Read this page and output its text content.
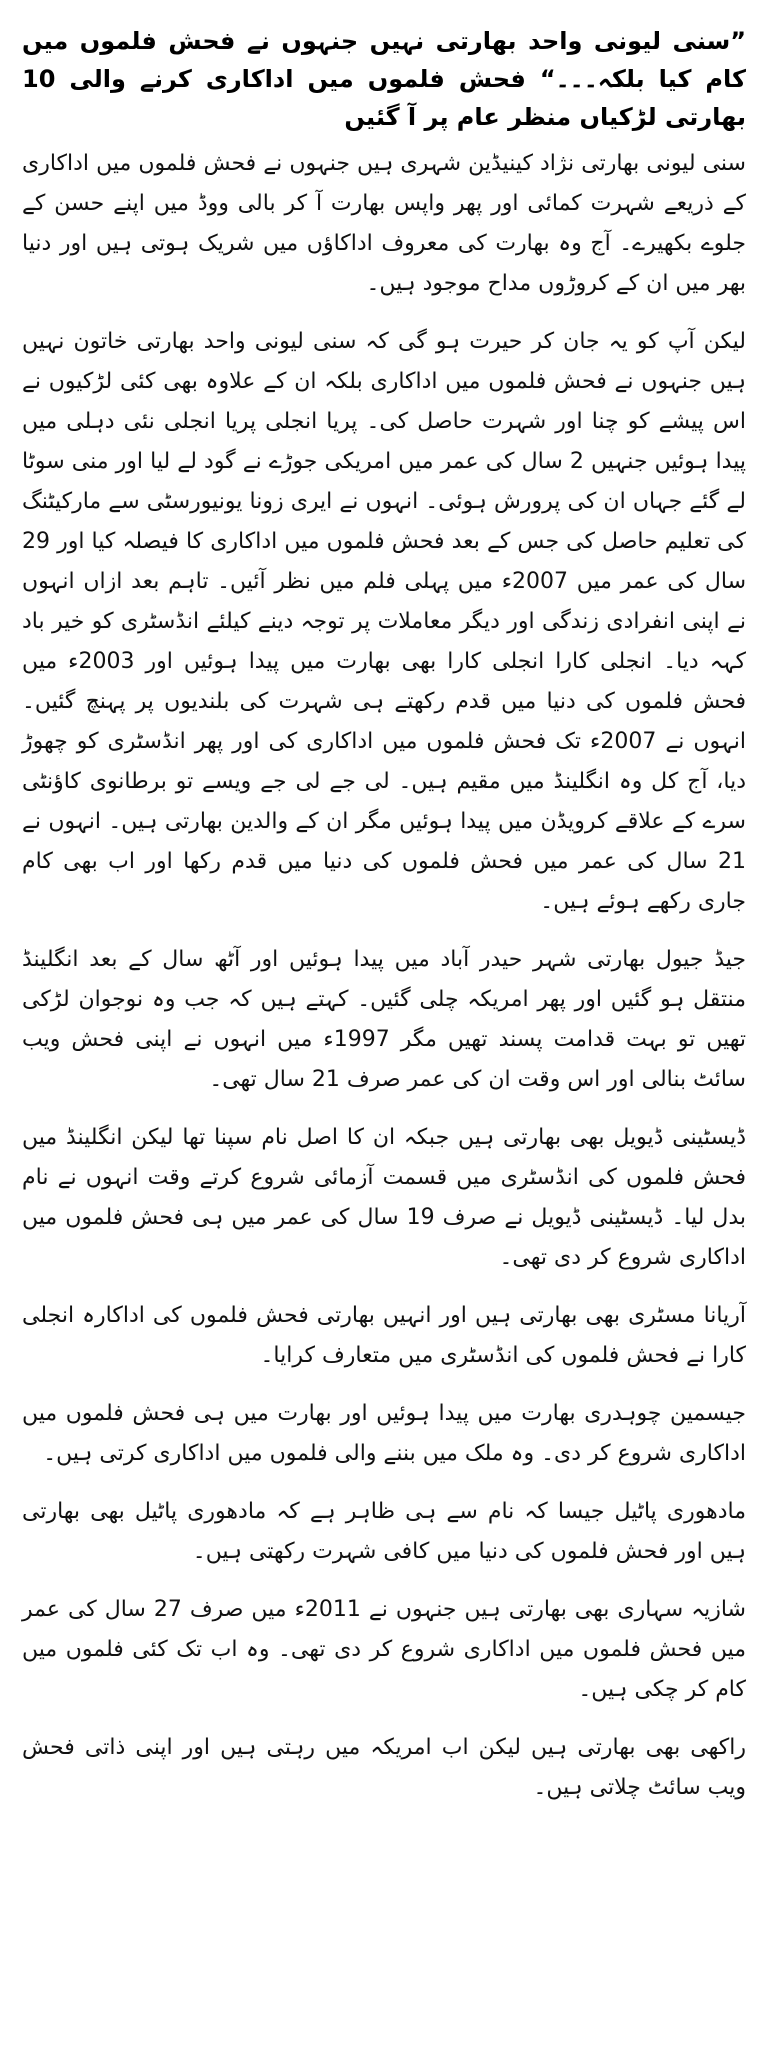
”سنی لیونی واحد بھارتی نہیں جنہوں نے فحش فلموں میں کام کیا بلکہ۔۔۔“ فحش فلموں میں اداکاری کرنے والی 10 بھارتی لڑکیاں منظر عام پر آ گئیں

سنی لیونی بھارتی نژاد کینیڈین شہری ہیں جنہوں نے فحش فلموں میں اداکاری کے ذریعے شہرت کمائی اور پھر واپس بھارت آ کر بالی ووڈ میں اپنے حسن کے جلوے بکھیرے۔ آج وہ بھارت کی معروف اداکاؤں میں شریک ہوتی ہیں اور دنیا بھر میں ان کے کروڑوں مداح موجود ہیں۔

لیکن آپ کو یہ جان کر حیرت ہو گی کہ سنی لیونی واحد بھارتی خاتون نہیں ہیں جنہوں نے فحش فلموں میں اداکاری بلکہ ان کے علاوہ بھی کئی لڑکیوں نے اس پیشے کو چنا اور شہرت حاصل کی۔ پریا انجلی پریا انجلی نئی دہلی میں پیدا ہوئیں جنہیں 2 سال کی عمر میں امریکی جوڑے نے گود لے لیا اور منی سوٹا لے گئے جہاں ان کی پرورش ہوئی۔ انہوں نے ایری زونا یونیورسٹی سے مارکیٹنگ کی تعلیم حاصل کی جس کے بعد فحش فلموں میں اداکاری کا فیصلہ کیا اور 29 سال کی عمر میں 2007ء میں پہلی فلم میں نظر آئیں۔ تاہم بعد ازاں انہوں نے اپنی انفرادی زندگی اور دیگر معاملات پر توجہ دینے کیلئے انڈسٹری کو خیر باد کہہ دیا۔ انجلی کارا انجلی کارا بھی بھارت میں پیدا ہوئیں اور 2003ء میں فحش فلموں کی دنیا میں قدم رکھتے ہی شہرت کی بلندیوں پر پہنچ گئیں۔ انہوں نے 2007ء تک فحش فلموں میں اداکاری کی اور پھر انڈسٹری کو چھوڑ دیا، آج کل وہ انگلینڈ میں مقیم ہیں۔ لی جے لی جے ویسے تو برطانوی کاؤنٹی سرے کے علاقے کرویڈن میں پیدا ہوئیں مگر ان کے والدین بھارتی ہیں۔ انہوں نے 21 سال کی عمر میں فحش فلموں کی دنیا میں قدم رکھا اور اب بھی کام جاری رکھے ہوئے ہیں۔

جیڈ جیول بھارتی شہر حیدر آباد میں پیدا ہوئیں اور آٹھ سال کے بعد انگلینڈ منتقل ہو گئیں اور پھر امریکہ چلی گئیں۔ کہتے ہیں کہ جب وہ نوجوان لڑکی تھیں تو بہت قدامت پسند تھیں مگر 1997ء میں انہوں نے اپنی فحش ویب سائٹ بنالی اور اس وقت ان کی عمر صرف 21 سال تھی۔

ڈیسٹینی ڈیویل بھی بھارتی ہیں جبکہ ان کا اصل نام سپنا تھا لیکن انگلینڈ میں فحش فلموں کی انڈسٹری میں قسمت آزمائی شروع کرتے وقت انہوں نے نام بدل لیا۔ ڈیسٹینی ڈیویل نے صرف 19 سال کی عمر میں ہی فحش فلموں میں اداکاری شروع کر دی تھی۔

آریانا مسٹری بھی بھارتی ہیں اور انہیں بھارتی فحش فلموں کی اداکارہ انجلی کارا نے فحش فلموں کی انڈسٹری میں متعارف کرایا۔

جیسمین چوہدری بھارت میں پیدا ہوئیں اور بھارت میں ہی فحش فلموں میں اداکاری شروع کر دی۔ وہ ملک میں بننے والی فلموں میں اداکاری کرتی ہیں۔

مادھوری پاٹیل جیسا کہ نام سے ہی ظاہر ہے کہ مادھوری پاٹیل بھی بھارتی ہیں اور فحش فلموں کی دنیا میں کافی شہرت رکھتی ہیں۔

شازیہ سہاری بھی بھارتی ہیں جنہوں نے 2011ء میں صرف 27 سال کی عمر میں فحش فلموں میں اداکاری شروع کر دی تھی۔ وہ اب تک کئی فلموں میں کام کر چکی ہیں۔

راکھی بھی بھارتی ہیں لیکن اب امریکہ میں رہتی ہیں اور اپنی ذاتی فحش ویب سائٹ چلاتی ہیں۔
